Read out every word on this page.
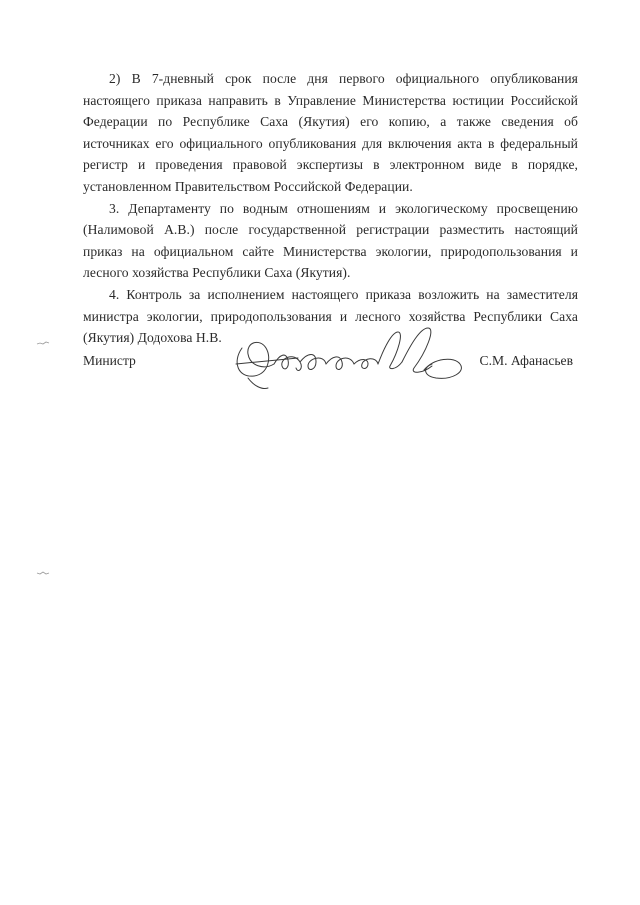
2) В 7-дневный срок после дня первого официального опубликования настоящего приказа направить в Управление Министерства юстиции Российской Федерации по Республике Саха (Якутия) его копию, а также сведения об источниках его официального опубликования для включения акта в федеральный регистр и проведения правовой экспертизы в электронном виде в порядке, установленном Правительством Российской Федерации.

3. Департаменту по водным отношениям и экологическому просвещению (Налимовой А.В.) после государственной регистрации разместить настоящий приказ на официальном сайте Министерства экологии, природопользования и лесного хозяйства Республики Саха (Якутия).

4. Контроль за исполнением настоящего приказа возложить на заместителя министра экологии, природопользования и лесного хозяйства Республики Саха (Якутия) Додохова Н.В.

Министр	С.М. Афанасьев
